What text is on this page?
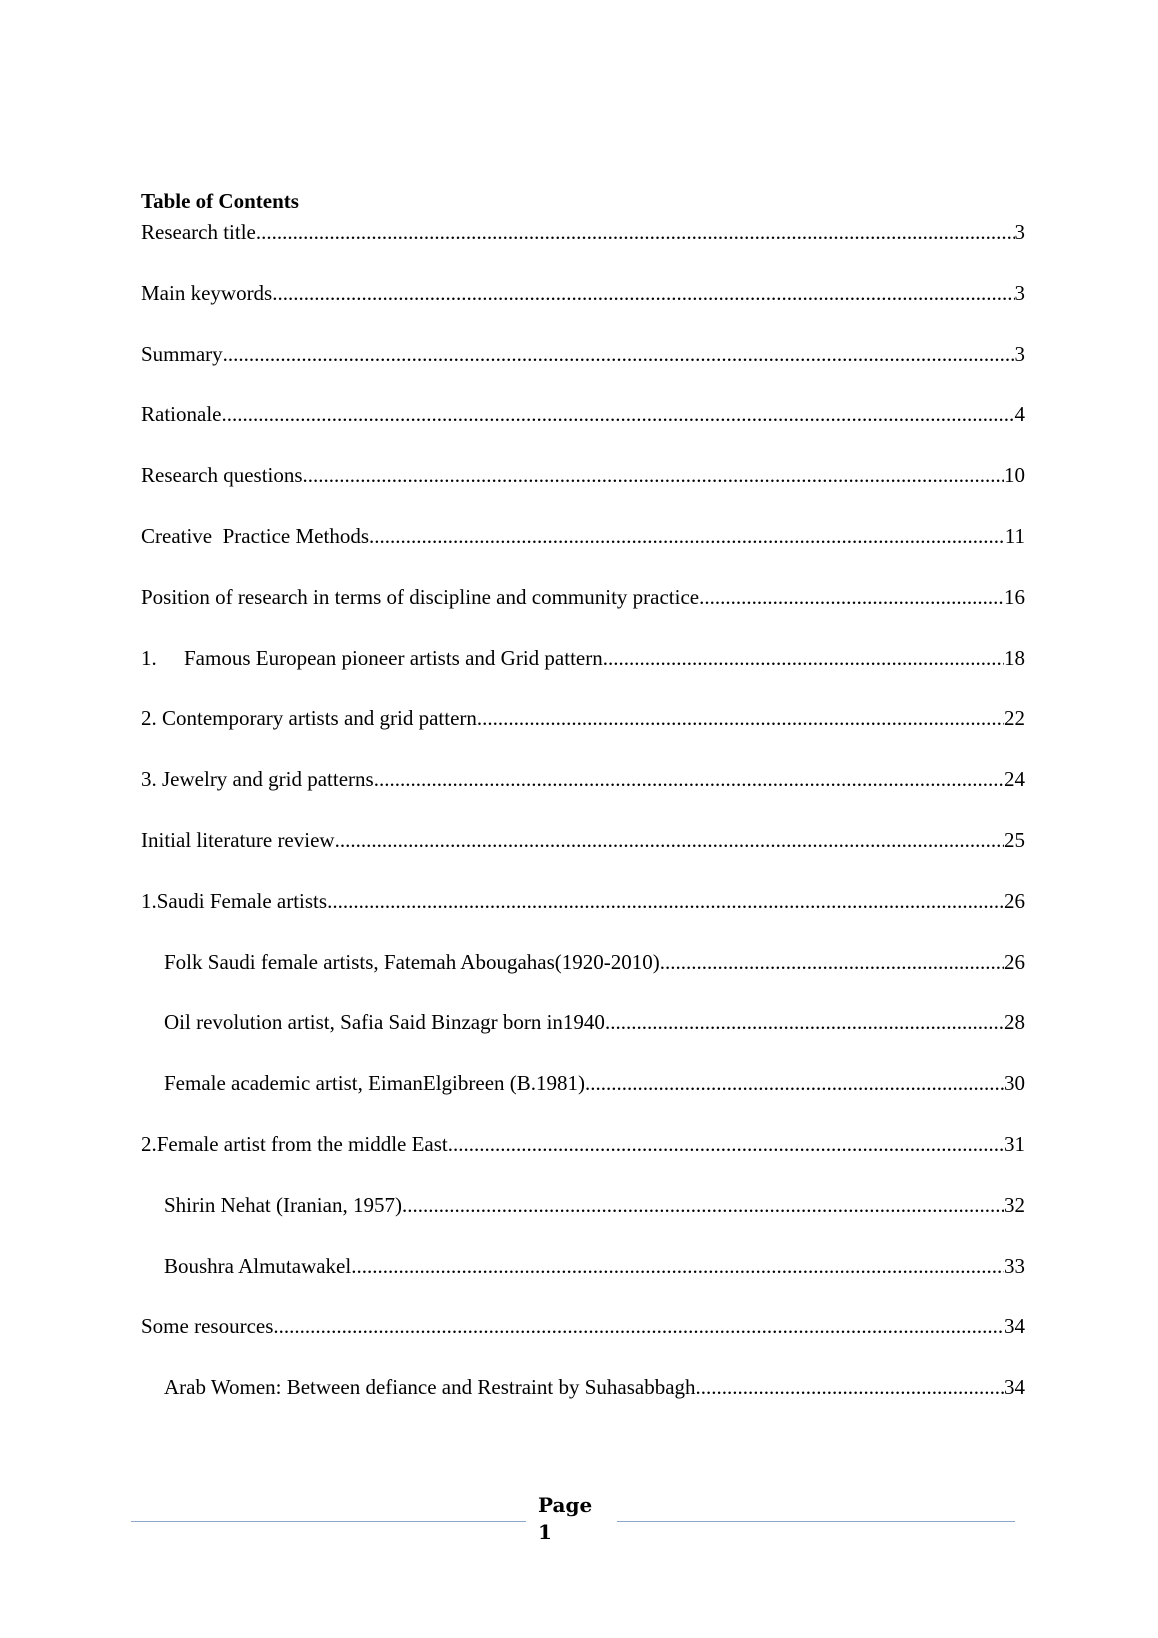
Table of Contents
Research title .....	3
Main keywords .....	3
Summary .....	3
Rationale .....	4
Research questions .....	10
Creative  Practice Methods .....	11
Position of research in terms of discipline and community practice .....	16
1.	Famous European pioneer artists and Grid pattern .....	18
2. Contemporary artists and grid pattern .....	22
3. Jewelry and grid patterns .....	24
Initial literature review .....	25
1.Saudi Female artists .....	26
Folk Saudi female artists, Fatemah Abougahas(1920-2010) .....	26
Oil revolution artist, Safia Said Binzagr born in1940 .....	28
Female academic artist, EimanElgibreen (B.1981) .....	30
2.Female artist from the middle East .....	31
Shirin Nehat (Iranian, 1957) .....	32
Boushra Almutawakel .....	33
Some resources .....	34
Arab Women: Between defiance and Restraint by Suhasabbagh .....	34
Page
1
